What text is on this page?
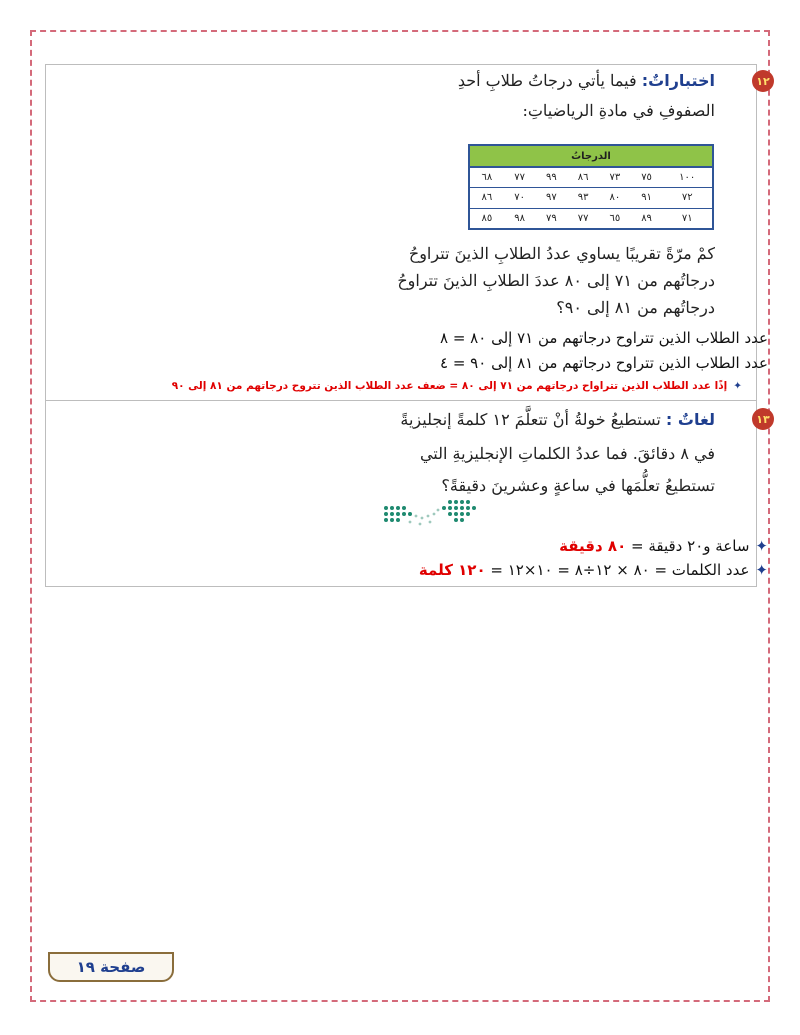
١٢
اختباراتٌ: فيما يأتي درجاتُ طلابِ أحدِ
الصفوفِ في مادةِ الرياضياتِ:
الدرجاتُ						
١٠٠	٧٥	٧٣	٨٦	٩٩	٧٧	٦٨
٧٢	٩١	٨٠	٩٣	٩٧	٧٠	٨٦
٧١	٨٩	٦٥	٧٧	٧٩	٩٨	٨٥
كمْ مرّةً تقريبًا يساوي عددُ الطلابِ الذينَ تتراوحُ
درجاتُهم من ٧١ إلى ٨٠ عددَ الطلابِ الذينَ تتراوحُ
درجاتُهم من ٨١ إلى ٩٠؟
عدد الطلاب الذين تتراوح درجاتهم من ٧١ إلى ٨٠ = ٨
عدد الطلاب الذين تتراوح درجاتهم من ٨١ إلى ٩٠ = ٤
✦إذًا عدد الطلاب الذين تتراواح درجاتهم من ٧١ إلى ٨٠ = ضعف عدد الطلاب الذين تتروح درجاتهم من ٨١ إلى ٩٠
١٣
لغاتٌ : تستطيعُ خولةُ أنْ تتعلَّمَ ١٢ كلمةً إنجليزيةً
في ٨ دقائقَ. فما عددُ الكلماتِ الإنجليزيةِ التي
تستطيعُ تعلُّمَها في ساعةٍ وعشرينَ دقيقةً؟
✦ساعة و٢٠ دقيقة = ٨٠ دقيقة
✦عدد الكلمات = ٨٠ × ١٢÷٨ = ١٠×١٢ = ١٢٠ كلمة
صفحة ١٩
